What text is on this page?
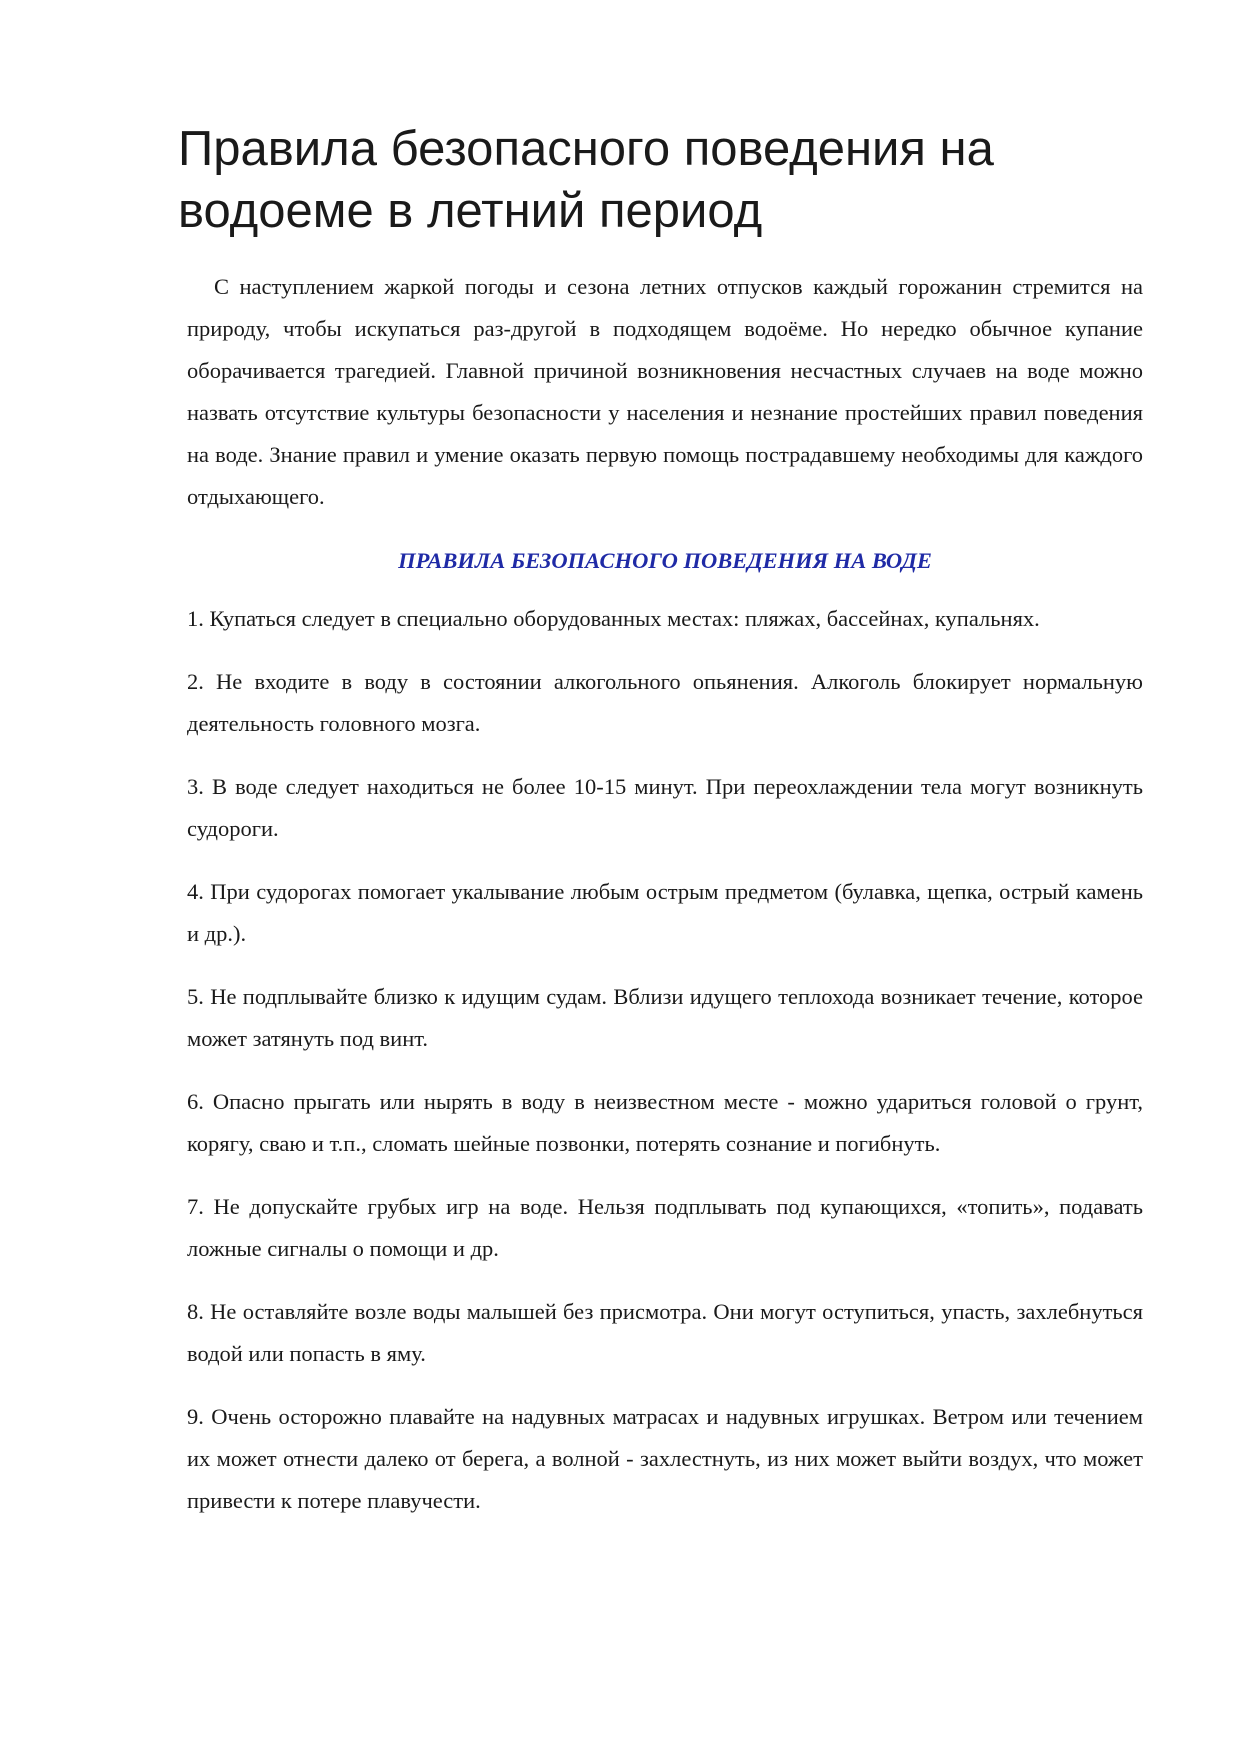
Правила безопасного поведения на водоеме в летний период

С наступлением жаркой погоды и сезона летних отпусков каждый горожанин стремится на природу, чтобы искупаться раз-другой в подходящем водоёме. Но нередко обычное купание оборачивается трагедией. Главной причиной возникновения несчастных случаев на воде можно назвать отсутствие культуры безопасности у населения и незнание простейших правил поведения на воде. Знание правил и умение оказать первую помощь пострадавшему необходимы для каждого отдыхающего.

ПРАВИЛА БЕЗОПАСНОГО ПОВЕДЕНИЯ НА ВОДЕ
1. Купаться следует в специально оборудованных местах: пляжах, бассейнах, купальнях.
2. Не входите в воду в состоянии алкогольного опьянения. Алкоголь блокирует нормальную деятельность головного мозга.
3. В воде следует находиться не более 10-15 минут. При переохлаждении тела могут возникнуть судороги.
4. При судорогах помогает укалывание любым острым предметом (булавка, щепка, острый камень и др.).
5. Не подплывайте близко к идущим судам. Вблизи идущего теплохода возникает течение, которое может затянуть под винт.
6. Опасно прыгать или нырять в воду в неизвестном месте - можно удариться головой о грунт, корягу, сваю и т.п., сломать шейные позвонки, потерять сознание и погибнуть.
7. Не допускайте грубых игр на воде. Нельзя подплывать под купающихся, «топить», подавать ложные сигналы о помощи и др.
8. Не оставляйте возле воды малышей без присмотра. Они могут оступиться, упасть, захлебнуться водой или попасть в яму.
9. Очень осторожно плавайте на надувных матрасах и надувных игрушках. Ветром или течением их может отнести далеко от берега, а волной - захлестнуть, из них может выйти воздух, что может привести к потере плавучести.
